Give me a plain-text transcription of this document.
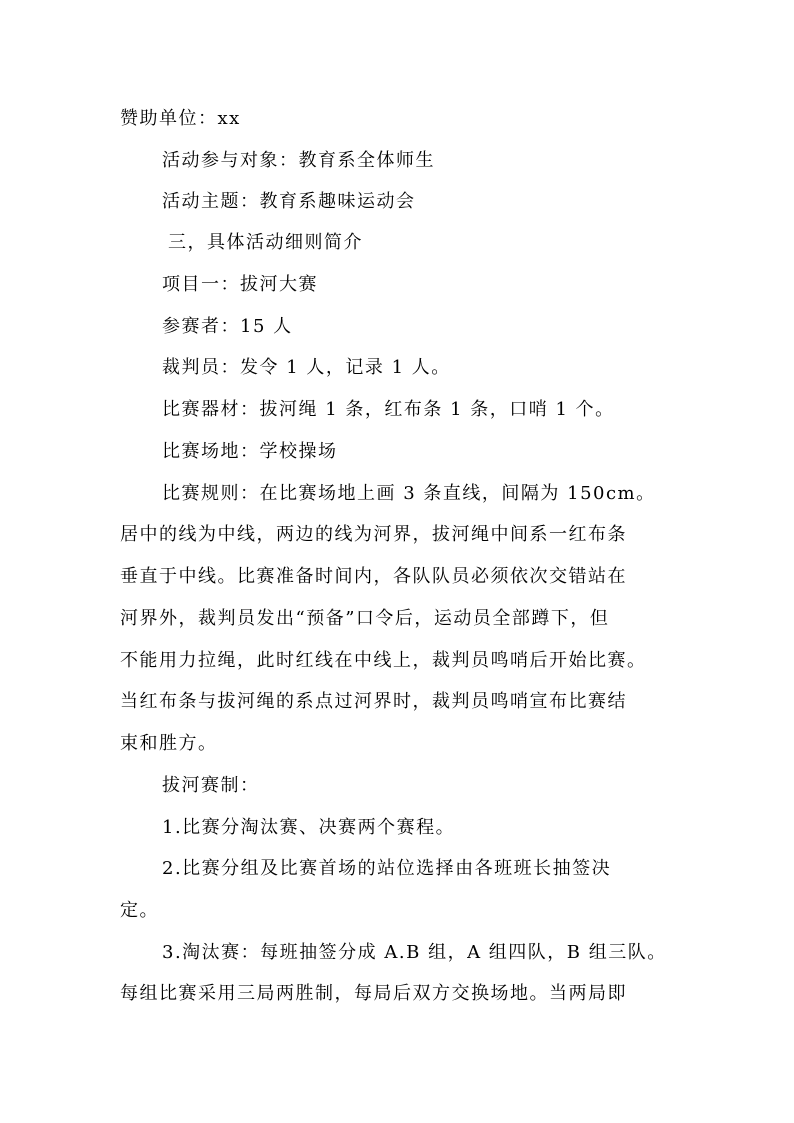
赞助单位：xx
活动参与对象：教育系全体师生
活动主题：教育系趣味运动会
三，具体活动细则简介
项目一：拔河大赛
参赛者：15 人
裁判员：发令 1 人，记录 1 人。
比赛器材：拔河绳 1 条，红布条 1 条，口哨 1 个。
比赛场地：学校操场
比赛规则：在比赛场地上画 3 条直线，间隔为 150cm。
居中的线为中线，两边的线为河界，拔河绳中间系一红布条
垂直于中线。比赛准备时间内，各队队员必须依次交错站在
河界外，裁判员发出“预备”口令后，运动员全部蹲下，但
不能用力拉绳，此时红线在中线上，裁判员鸣哨后开始比赛。
当红布条与拔河绳的系点过河界时，裁判员鸣哨宣布比赛结
束和胜方。
拔河赛制：
1.比赛分淘汰赛、决赛两个赛程。
2.比赛分组及比赛首场的站位选择由各班班长抽签决
定。
3.淘汰赛：每班抽签分成 A.B 组，A 组四队，B 组三队。
每组比赛采用三局两胜制，每局后双方交换场地。当两局即
